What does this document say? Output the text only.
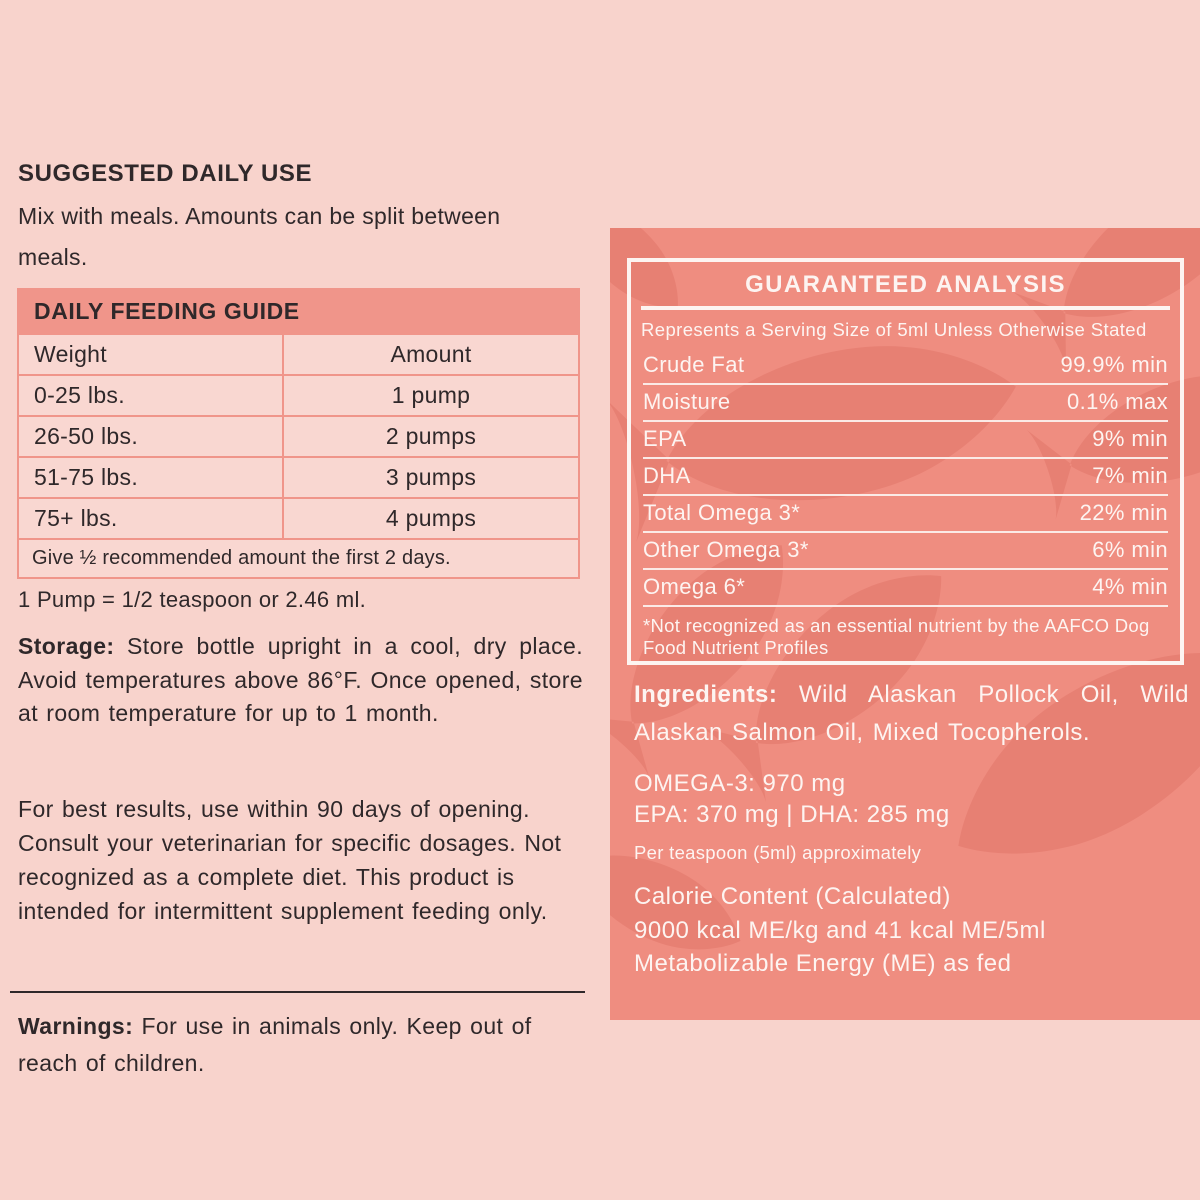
SUGGESTED DAILY USE

Mix with meals. Amounts can be split between meals.

DAILY FEEDING GUIDE	
Weight	Amount
0-25 lbs.	1 pump
26-50 lbs.	2 pumps
51-75 lbs.	3 pumps
75+ lbs.	4 pumps
Give ½ recommended amount the first 2 days.	

1 Pump = 1/2 teaspoon or 2.46 ml.

Storage: Store bottle upright in a cool, dry place. Avoid temperatures above 86°F. Once opened, store at room temperature for up to 1 month.

For best results, use within 90 days of opening. Consult your veterinarian for specific dosages. Not recognized as a complete diet. This product is intended for intermittent supplement feeding only.

Warnings: For use in animals only. Keep out of reach of children.

GUARANTEED ANALYSIS
Represents a Serving Size of 5ml Unless Otherwise Stated
Crude Fat	99.9% min
Moisture	0.1% max
EPA	9% min
DHA	7% min
Total Omega 3*	22% min
Other Omega 3*	6% min
Omega 6*	4% min
*Not recognized as an essential nutrient by the AAFCO Dog Food Nutrient Profiles

Ingredients: Wild Alaskan Pollock Oil, Wild Alaskan Salmon Oil, Mixed Tocopherols.

OMEGA-3: 970 mg
EPA: 370 mg | DHA: 285 mg
Per teaspoon (5ml) approximately
Calorie Content (Calculated)
9000 kcal ME/kg and 41 kcal ME/5ml
Metabolizable Energy (ME) as fed
